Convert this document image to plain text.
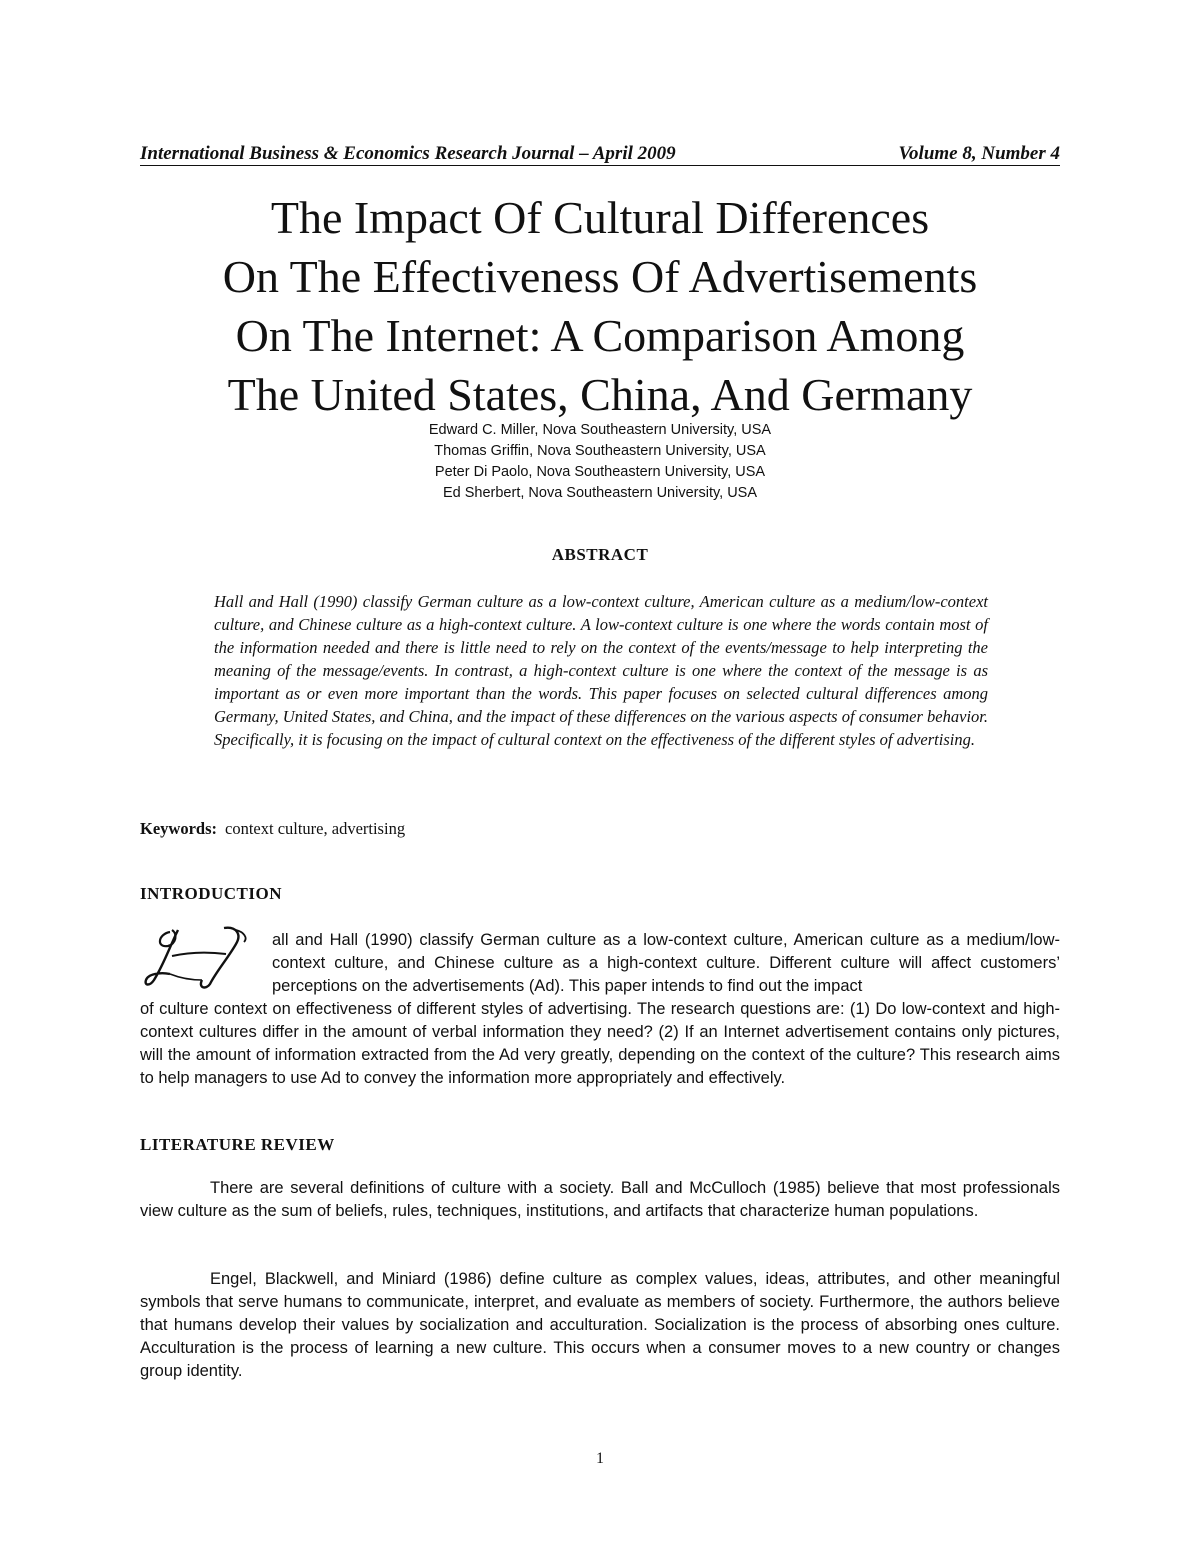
International Business & Economics Research Journal – April 2009	Volume 8, Number 4
The Impact Of Cultural Differences
On The Effectiveness Of Advertisements
On The Internet: A Comparison Among
The United States, China, And Germany
Edward C. Miller, Nova Southeastern University, USA
Thomas Griffin, Nova Southeastern University, USA
Peter Di Paolo, Nova Southeastern University, USA
Ed Sherbert, Nova Southeastern University, USA
ABSTRACT

Hall and Hall (1990) classify German culture as a low-context culture, American culture as a medium/low-context culture, and Chinese culture as a high-context culture. A low-context culture is one where the words contain most of the information needed and there is little need to rely on the context of the events/message to help interpreting the meaning of the message/events. In contrast, a high-context culture is one where the context of the message is as important as or even more important than the words. This paper focuses on selected cultural differences among Germany, United States, and China, and the impact of these differences on the various aspects of consumer behavior. Specifically, it is focusing on the impact of cultural context on the effectiveness of the different styles of advertising.

Keywords: context culture, advertising
INTRODUCTION

all and Hall (1990) classify German culture as a low-context culture, American culture as a medium/low-context culture, and Chinese culture as a high-context culture. Different culture will affect customers’ perceptions on the advertisements (Ad). This paper intends to find out the impact

of culture context on effectiveness of different styles of advertising. The research questions are: (1) Do low-context and high-context cultures differ in the amount of verbal information they need? (2) If an Internet advertisement contains only pictures, will the amount of information extracted from the Ad very greatly, depending on the context of the culture? This research aims to help managers to use Ad to convey the information more appropriately and effectively.

LITERATURE REVIEW

There are several definitions of culture with a society. Ball and McCulloch (1985) believe that most professionals view culture as the sum of beliefs, rules, techniques, institutions, and artifacts that characterize human populations.

Engel, Blackwell, and Miniard (1986) define culture as complex values, ideas, attributes, and other meaningful symbols that serve humans to communicate, interpret, and evaluate as members of society. Furthermore, the authors believe that humans develop their values by socialization and acculturation. Socialization is the process of absorbing ones culture. Acculturation is the process of learning a new culture. This occurs when a consumer moves to a new country or changes group identity.

1
